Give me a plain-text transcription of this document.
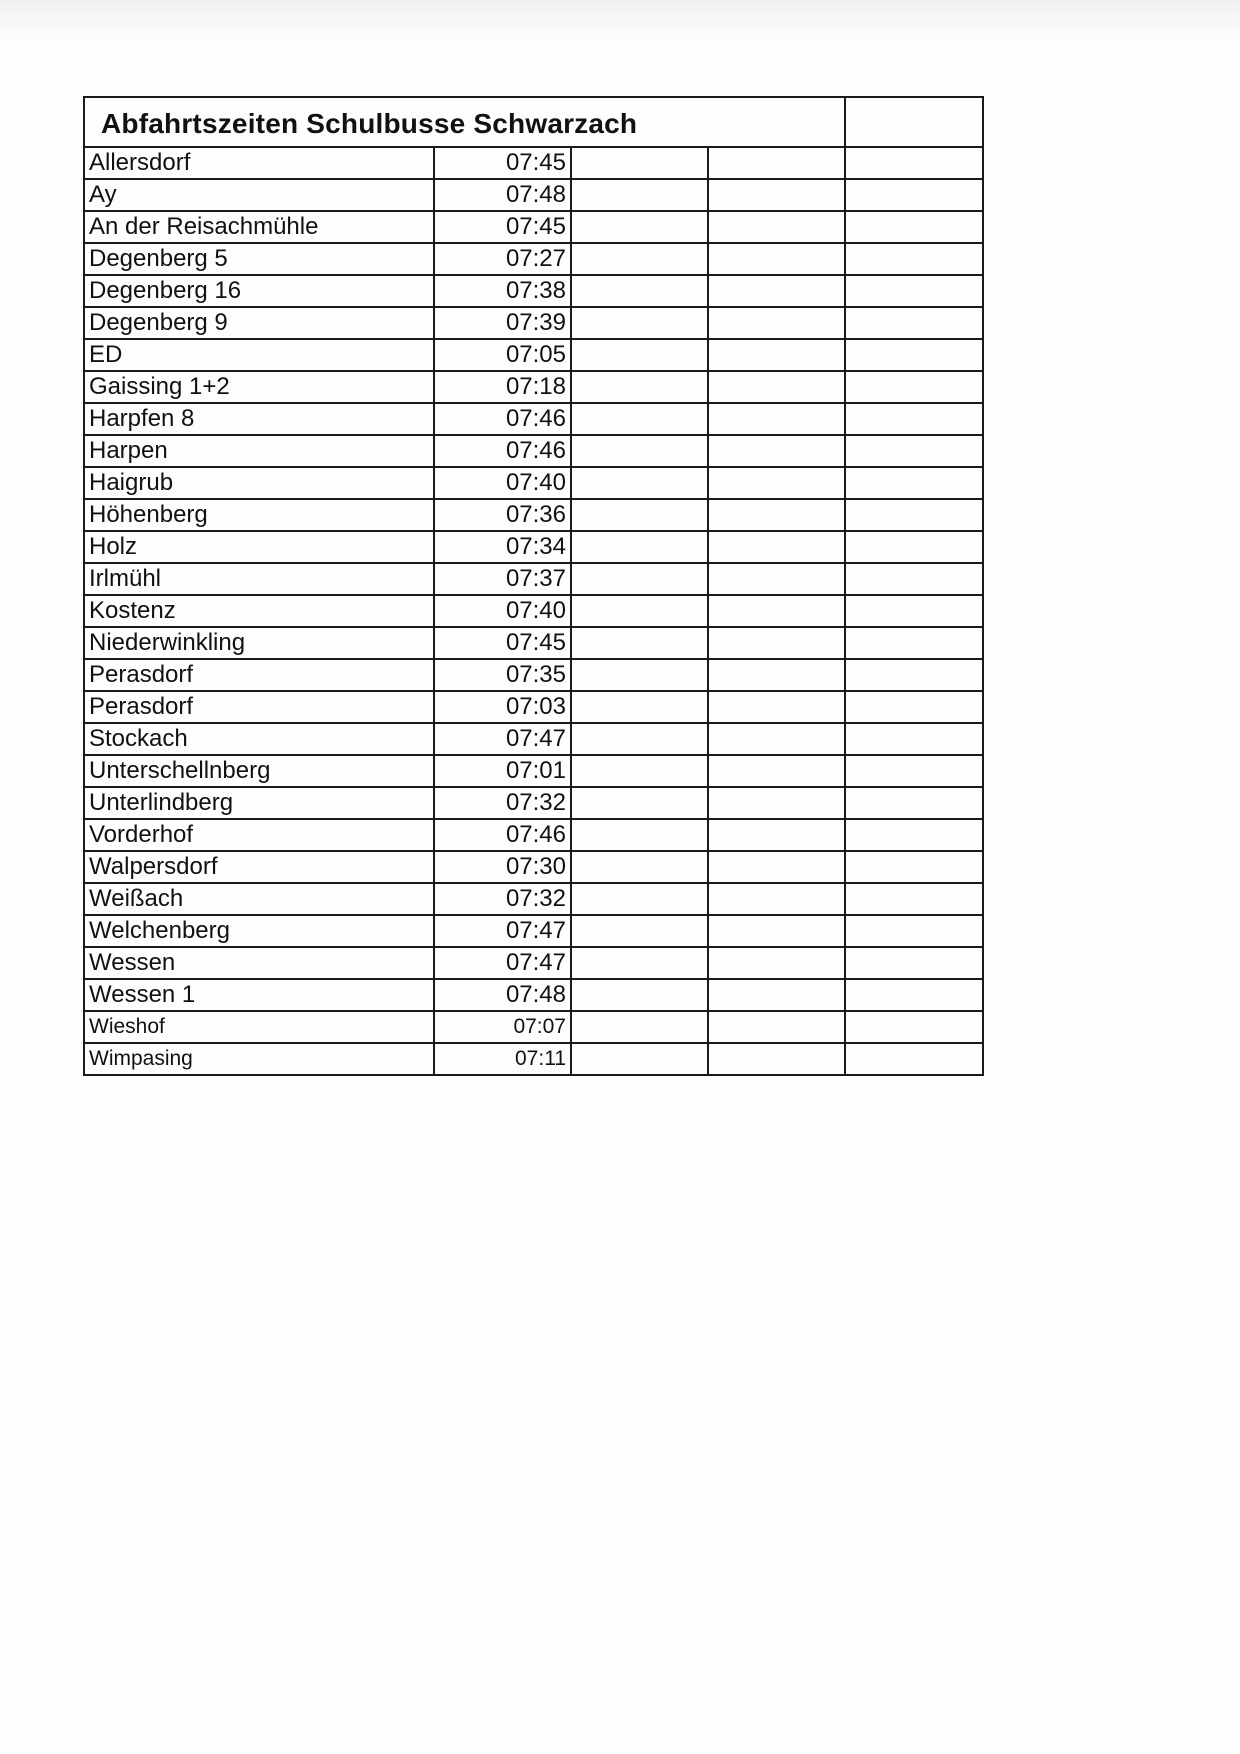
Abfahrtszeiten Schulbusse Schwarzach				
Allersdorf	07:45			
Ay	07:48			
An der Reisachmühle	07:45			
Degenberg 5	07:27			
Degenberg 16	07:38			
Degenberg 9	07:39			
ED	07:05			
Gaissing 1+2	07:18			
Harpfen 8	07:46			
Harpen	07:46			
Haigrub	07:40			
Höhenberg	07:36			
Holz	07:34			
Irlmühl	07:37			
Kostenz	07:40			
Niederwinkling	07:45			
Perasdorf	07:35			
Perasdorf	07:03			
Stockach	07:47			
Unterschellnberg	07:01			
Unterlindberg	07:32			
Vorderhof	07:46			
Walpersdorf	07:30			
Weißach	07:32			
Welchenberg	07:47			
Wessen	07:47			
Wessen 1	07:48			
Wieshof	07:07			
Wimpasing	07:11			
